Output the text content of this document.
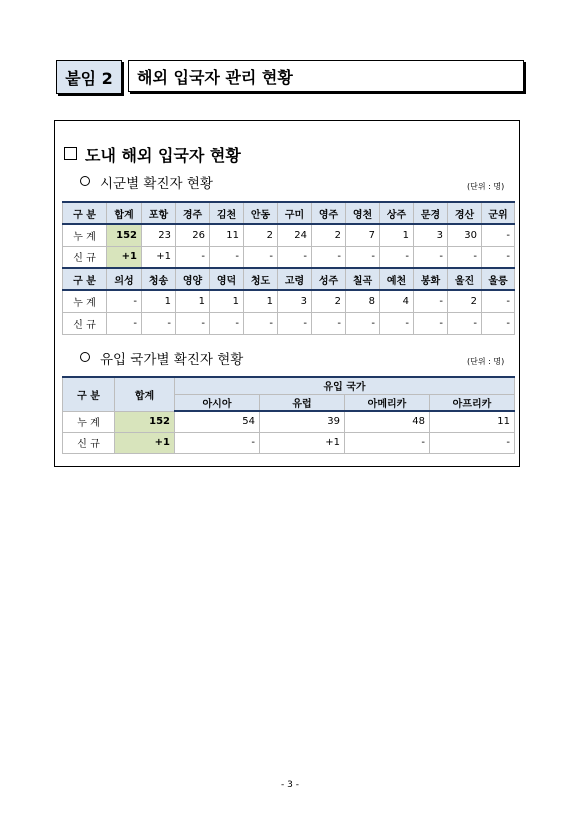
붙임 2	해외 입국자 관리 현황
도내 해외 입국자 현황
시군별 확진자 현황	(단위 : 명)
구 분	합계	포항	경주	김천	안동	구미	영주	영천	상주	문경	경산	군위
누 계	152	23	26	11	2	24	2	7	1	3	30	-
신 규	+1	+1	-	-	-	-	-	-	-	-	-	-
구 분	의성	청송	영양	영덕	청도	고령	성주	칠곡	예천	봉화	울진	울릉
누 계	-	1	1	1	1	3	2	8	4	-	2	-
신 규	-	-	-	-	-	-	-	-	-	-	-	-
유입 국가별 확진자 현황	(단위 : 명)
구 분	합계	유입 국가			
		아시아	유럽	아메리카	아프리카
누 계	152	54	39	48	11
신 규	+1	-	+1	-	-
- 3 -
